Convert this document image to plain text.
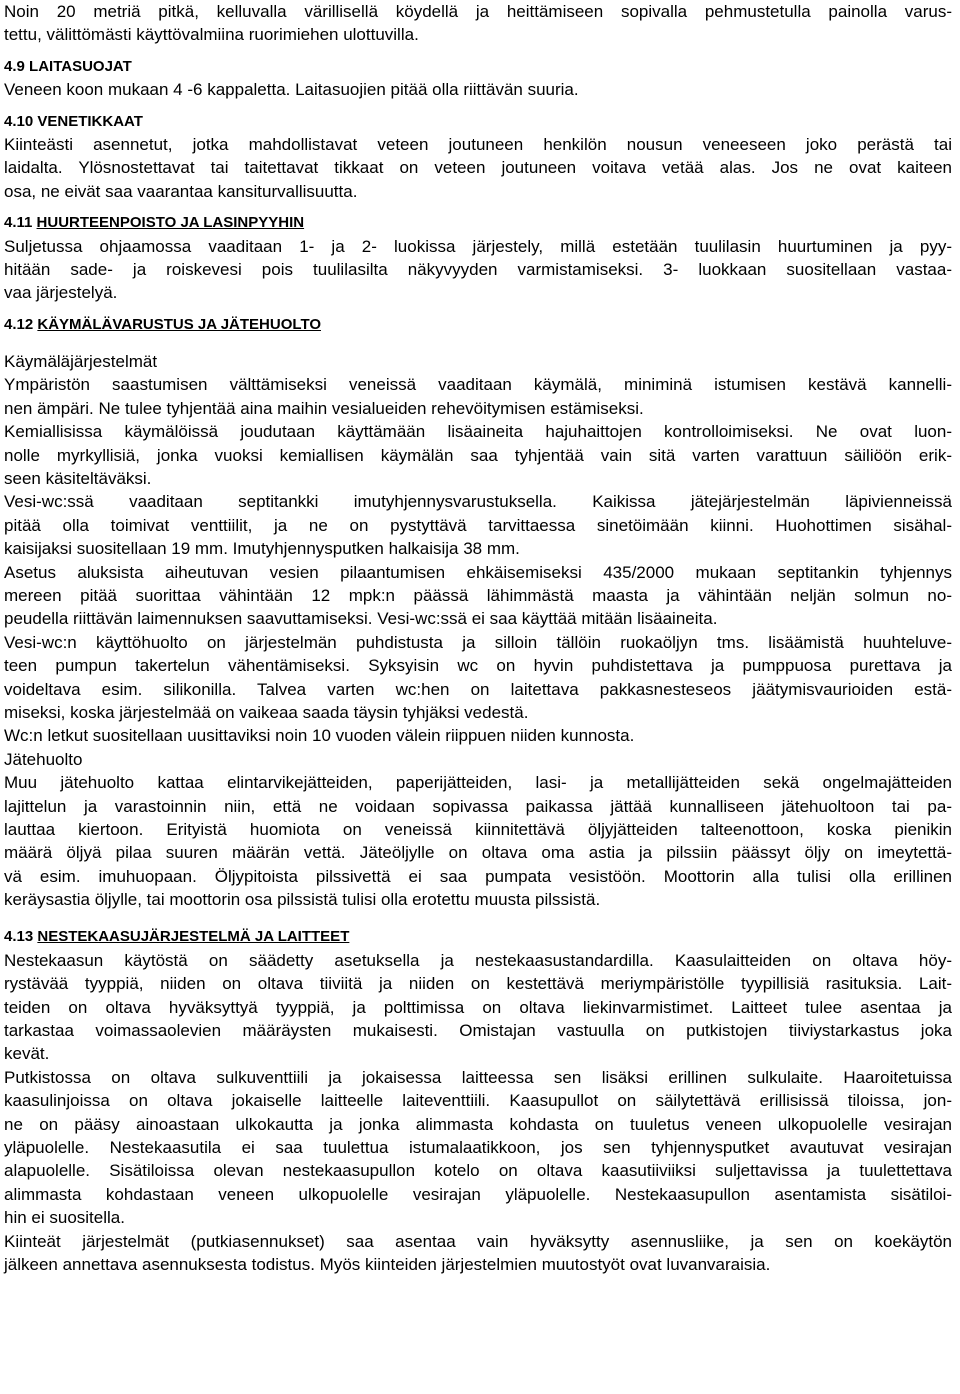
Noin 20 metriä pitkä, kelluvalla värillisellä köydellä ja heittämiseen sopivalla pehmustetulla painolla varus-
tettu, välittömästi käyttövalmiina ruorimiehen ulottuvilla.
4.9 LAITASUOJAT
Veneen koon mukaan 4 -6 kappaletta. Laitasuojien pitää olla riittävän suuria.
4.10 VENETIKKAAT
Kiinteästi asennetut, jotka mahdollistavat veteen joutuneen henkilön nousun veneeseen joko perästä tai
laidalta. Ylösnostettavat tai taitettavat tikkaat on veteen joutuneen voitava vetää alas. Jos ne ovat kaiteen
osa, ne eivät saa vaarantaa kansiturvallisuutta.
4.11 HUURTEENPOISTO JA LASINPYYHIN
Suljetussa ohjaamossa vaaditaan 1- ja 2- luokissa järjestely, millä estetään tuulilasin huurtuminen ja pyy-
hitään sade- ja roiskevesi pois tuulilasilta näkyvyyden varmistamiseksi. 3- luokkaan suositellaan vastaa-
vaa järjestelyä.
4.12 KÄYMÄLÄVARUSTUS JA JÄTEHUOLTO
Käymäläjärjestelmät
Ympäristön saastumisen välttämiseksi veneissä vaaditaan käymälä, miniminä istumisen kestävä kannelli-
nen ämpäri. Ne tulee tyhjentää aina maihin vesialueiden rehevöitymisen estämiseksi.
Kemiallisissa käymälöissä joudutaan käyttämään lisäaineita hajuhaittojen kontrolloimiseksi. Ne ovat luon-
nolle myrkyllisiä, jonka vuoksi kemiallisen käymälän saa tyhjentää vain sitä varten varattuun säiliöön erik-
seen käsiteltäväksi.
Vesi-wc:ssä vaaditaan septitankki imutyhjennysvarustuksella. Kaikissa jätejärjestelmän läpivienneissä
pitää olla toimivat venttiilit, ja ne on pystyttävä tarvittaessa sinetöimään kiinni. Huohottimen sisähal-
kaisijaksi suositellaan 19 mm. Imutyhjennysputken halkaisija 38 mm.
Asetus aluksista aiheutuvan vesien pilaantumisen ehkäisemiseksi 435/2000 mukaan septitankin tyhjennys
mereen pitää suorittaa vähintään 12 mpk:n päässä lähimmästä maasta ja vähintään neljän solmun no-
peudella riittävän laimennuksen saavuttamiseksi. Vesi-wc:ssä ei saa käyttää mitään lisäaineita.
Vesi-wc:n käyttöhuolto on järjestelmän puhdistusta ja silloin tällöin ruokaöljyn tms. lisäämistä huuhteluve-
teen pumpun takertelun vähentämiseksi. Syksyisin wc on hyvin puhdistettava ja pumppuosa purettava ja
voideltava esim. silikonilla. Talvea varten wc:hen on laitettava pakkasnesteseos jäätymisvaurioiden estä-
miseksi, koska järjestelmää on vaikeaa saada täysin tyhjäksi vedestä.
Wc:n letkut suositellaan uusittaviksi noin 10 vuoden välein riippuen niiden kunnosta.
Jätehuolto
Muu jätehuolto kattaa elintarvikejätteiden, paperijätteiden, lasi- ja metallijätteiden sekä ongelmajätteiden
lajittelun ja varastoinnin niin, että ne voidaan sopivassa paikassa jättää kunnalliseen jätehuoltoon tai pa-
lauttaa kiertoon. Erityistä huomiota on veneissä kiinnitettävä öljyjätteiden talteenottoon, koska pienikin
määrä öljyä pilaa suuren määrän vettä. Jäteöljylle on oltava oma astia ja pilssiin päässyt öljy on imeytettä-
vä esim. imuhuopaan. Öljypitoista pilssivettä ei saa pumpata vesistöön. Moottorin alla tulisi olla erillinen
keräysastia öljylle, tai moottorin osa pilssistä tulisi olla erotettu muusta pilssistä.
4.13 NESTEKAASUJÄRJESTELMÄ JA LAITTEET
Nestekaasun käytöstä on säädetty asetuksella ja nestekaasustandardilla. Kaasulaitteiden on oltava höy-
rystävää tyyppiä, niiden on oltava tiiviitä ja niiden on kestettävä meriympäristölle tyypillisiä rasituksia. Lait-
teiden on oltava hyväksyttyä tyyppiä, ja polttimissa on oltava liekinvarmistimet. Laitteet tulee asentaa ja
tarkastaa voimassaolevien määräysten mukaisesti. Omistajan vastuulla on putkistojen tiiviystarkastus joka
kevät.
Putkistossa on oltava sulkuventtiili ja jokaisessa laitteessa sen lisäksi erillinen sulkulaite. Haaroitetuissa
kaasulinjoissa on oltava jokaiselle laitteelle laiteventtiili. Kaasupullot on säilytettävä erillisissä tiloissa, jon-
ne on pääsy ainoastaan ulkokautta ja jonka alimmasta kohdasta on tuuletus veneen ulkopuolelle vesirajan
yläpuolelle. Nestekaasutila ei saa tuulettua istumalaatikkoon, jos sen tyhjennysputket avautuvat vesirajan
alapuolelle. Sisätiloissa olevan nestekaasupullon kotelo on oltava kaasutiiviiksi suljettavissa ja tuulettettava
alimmasta kohdastaan veneen ulkopuolelle vesirajan yläpuolelle. Nestekaasupullon asentamista sisätiloi-
hin ei suositella.
Kiinteät järjestelmät (putkiasennukset) saa asentaa vain hyväksytty asennusliike, ja sen on koekäytön
jälkeen annettava asennuksesta todistus. Myös kiinteiden järjestelmien muutostyöt ovat luvanvaraisia.
